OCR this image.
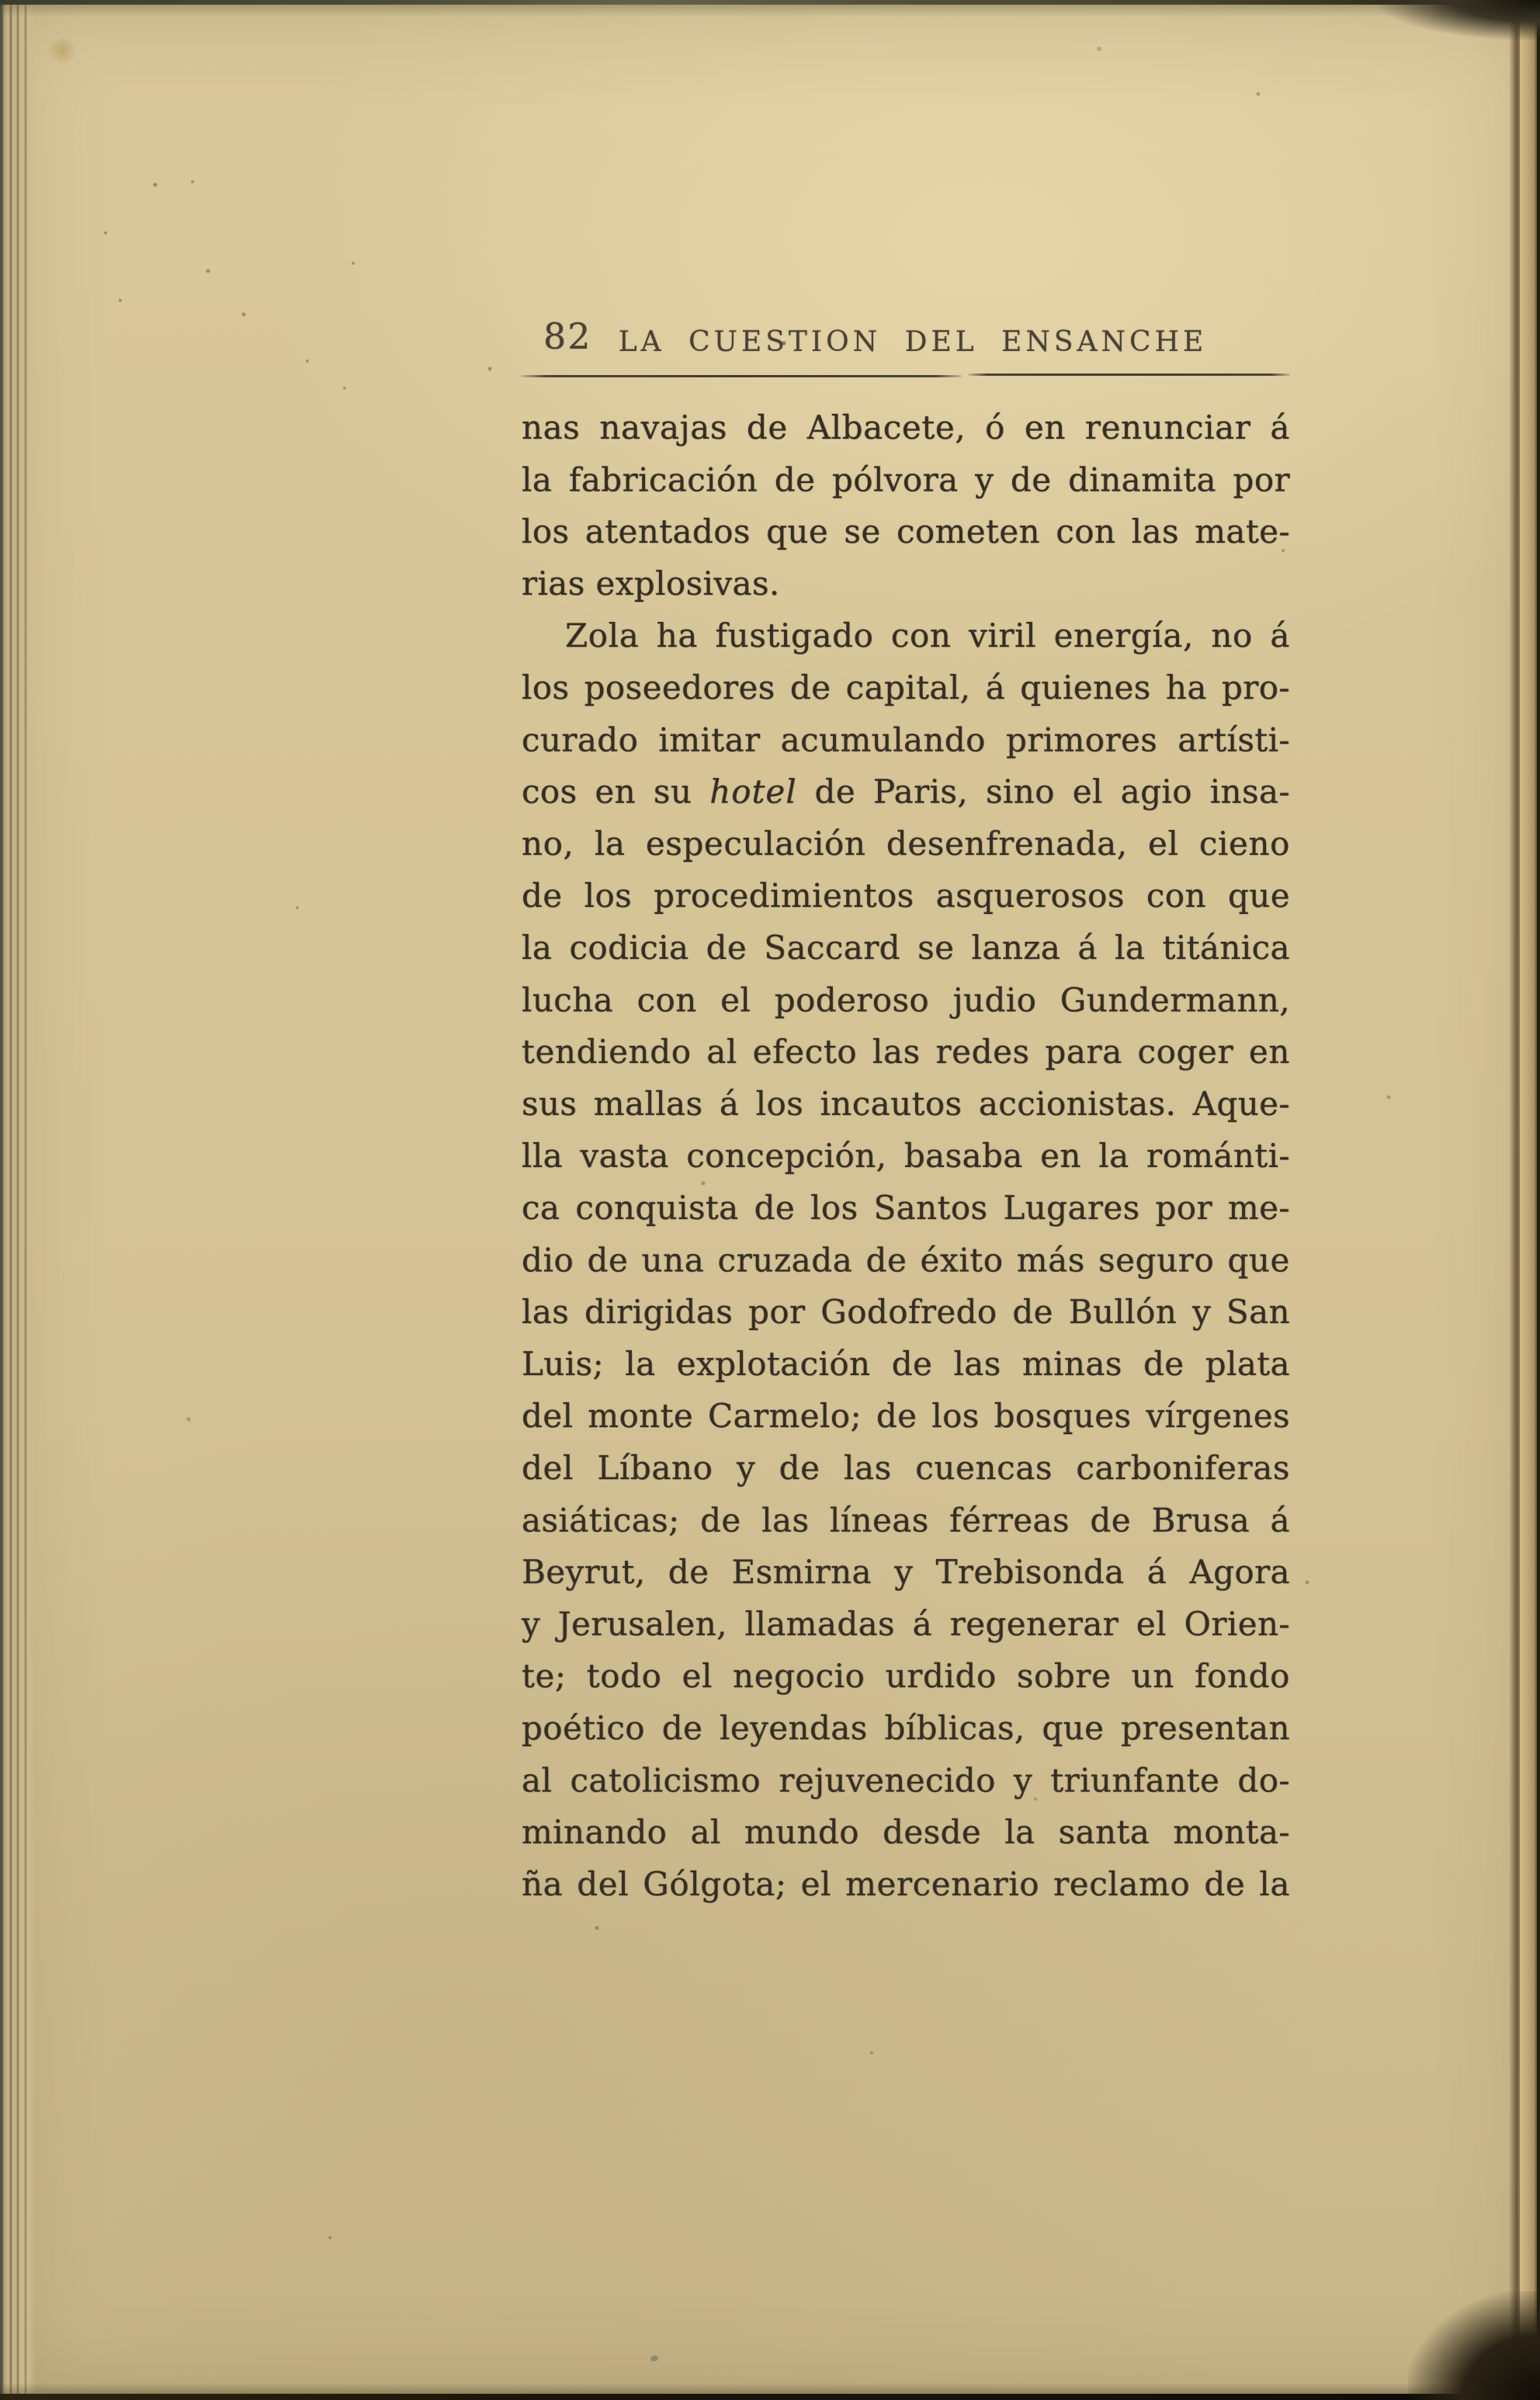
82 LA CUESTION DEL ENSANCHE
nas navajas de Albacete, ó en renunciar á
la fabricación de pólvora y de dinamita por
los atentados que se cometen con las mate-
rias explosivas.
Zola ha fustigado con viril energía, no á
los poseedores de capital, á quienes ha pro-
curado imitar acumulando primores artísti-
cos en su hotel de Paris, sino el agio insa-
no, la especulación desenfrenada, el cieno
de los procedimientos asquerosos con que
la codicia de Saccard se lanza á la titánica
lucha con el poderoso judio Gundermann,
tendiendo al efecto las redes para coger en
sus mallas á los incautos accionistas. Aque-
lla vasta concepción, basaba en la románti-
ca conquista de los Santos Lugares por me-
dio de una cruzada de éxito más seguro que
las dirigidas por Godofredo de Bullón y San
Luis; la explotación de las minas de plata
del monte Carmelo; de los bosques vírgenes
del Líbano y de las cuencas carboniferas
asiáticas; de las líneas férreas de Brusa á
Beyrut, de Esmirna y Trebisonda á Agora
y Jerusalen, llamadas á regenerar el Orien-
te; todo el negocio urdido sobre un fondo
poético de leyendas bíblicas, que presentan
al catolicismo rejuvenecido y triunfante do-
minando al mundo desde la santa monta-
ña del Gólgota; el mercenario reclamo de la
